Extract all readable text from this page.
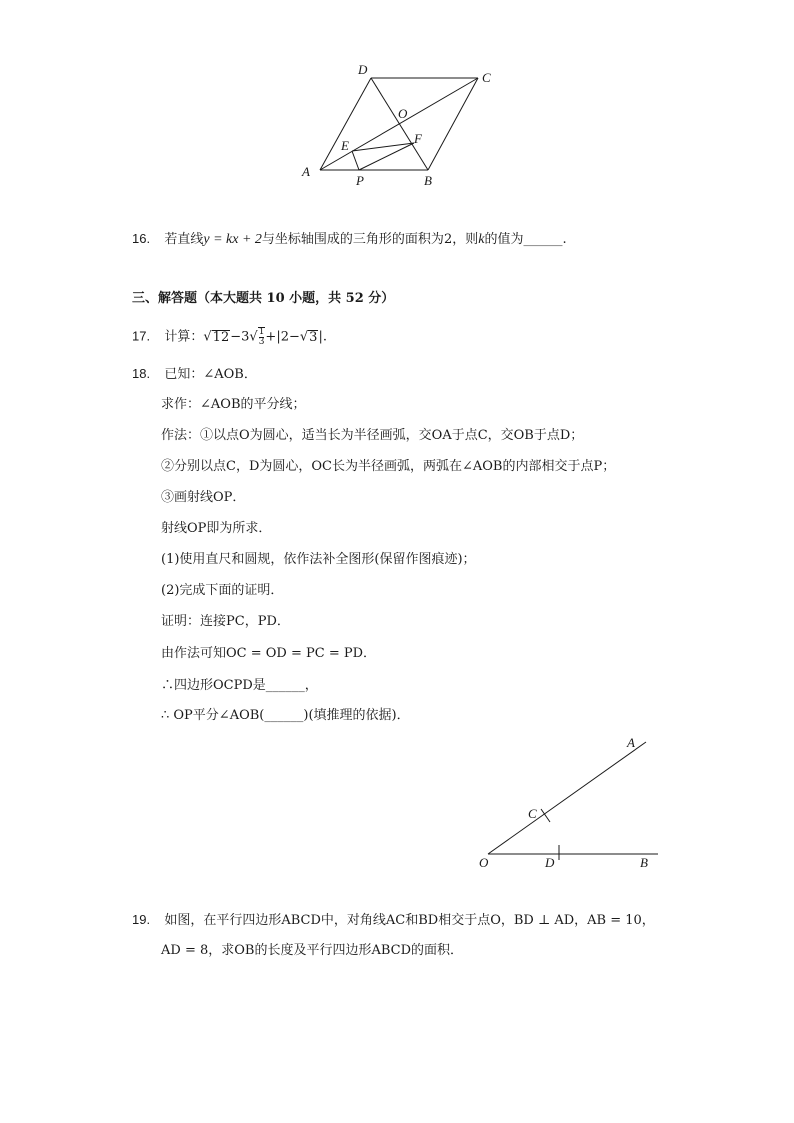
A
B
C
D
O
E	F
P
16. 若直线y = kx + 2与坐标轴围成的三角形的面积为2，则k的值为______.
三、解答题（本大题共 10 小题，共 52 分）
17. 计算：$√12-3√ \frac{1}{3} +|2-√3|$.
18. 已知：∠AOB．
求作：∠AOB的平分线；
作法：①以点O为圆心，适当长为半径画弧，交OA于点C，交OB于点D；
②分别以点C，D为圆心，OC长为半径画弧，两弧在∠AOB的内部相交于点P；
③画射线OP．
射线OP即为所求．
(1)使用直尺和圆规，依作法补全图形(保留作图痕迹)；
(2)完成下面的证明．
证明：连接PC，PD．
由作法可知OC = OD = PC = PD．
∴四边形OCPD是______，
∴ OP平分∠AOB(______)(填推理的依据)．
A
C
O	D	B
19. 如图，在平行四边形ABCD中，对角线AC和BD相交于点O，BD ⊥ AD，AB = 10，
AD = 8，求OB的长度及平行四边形ABCD的面积．
